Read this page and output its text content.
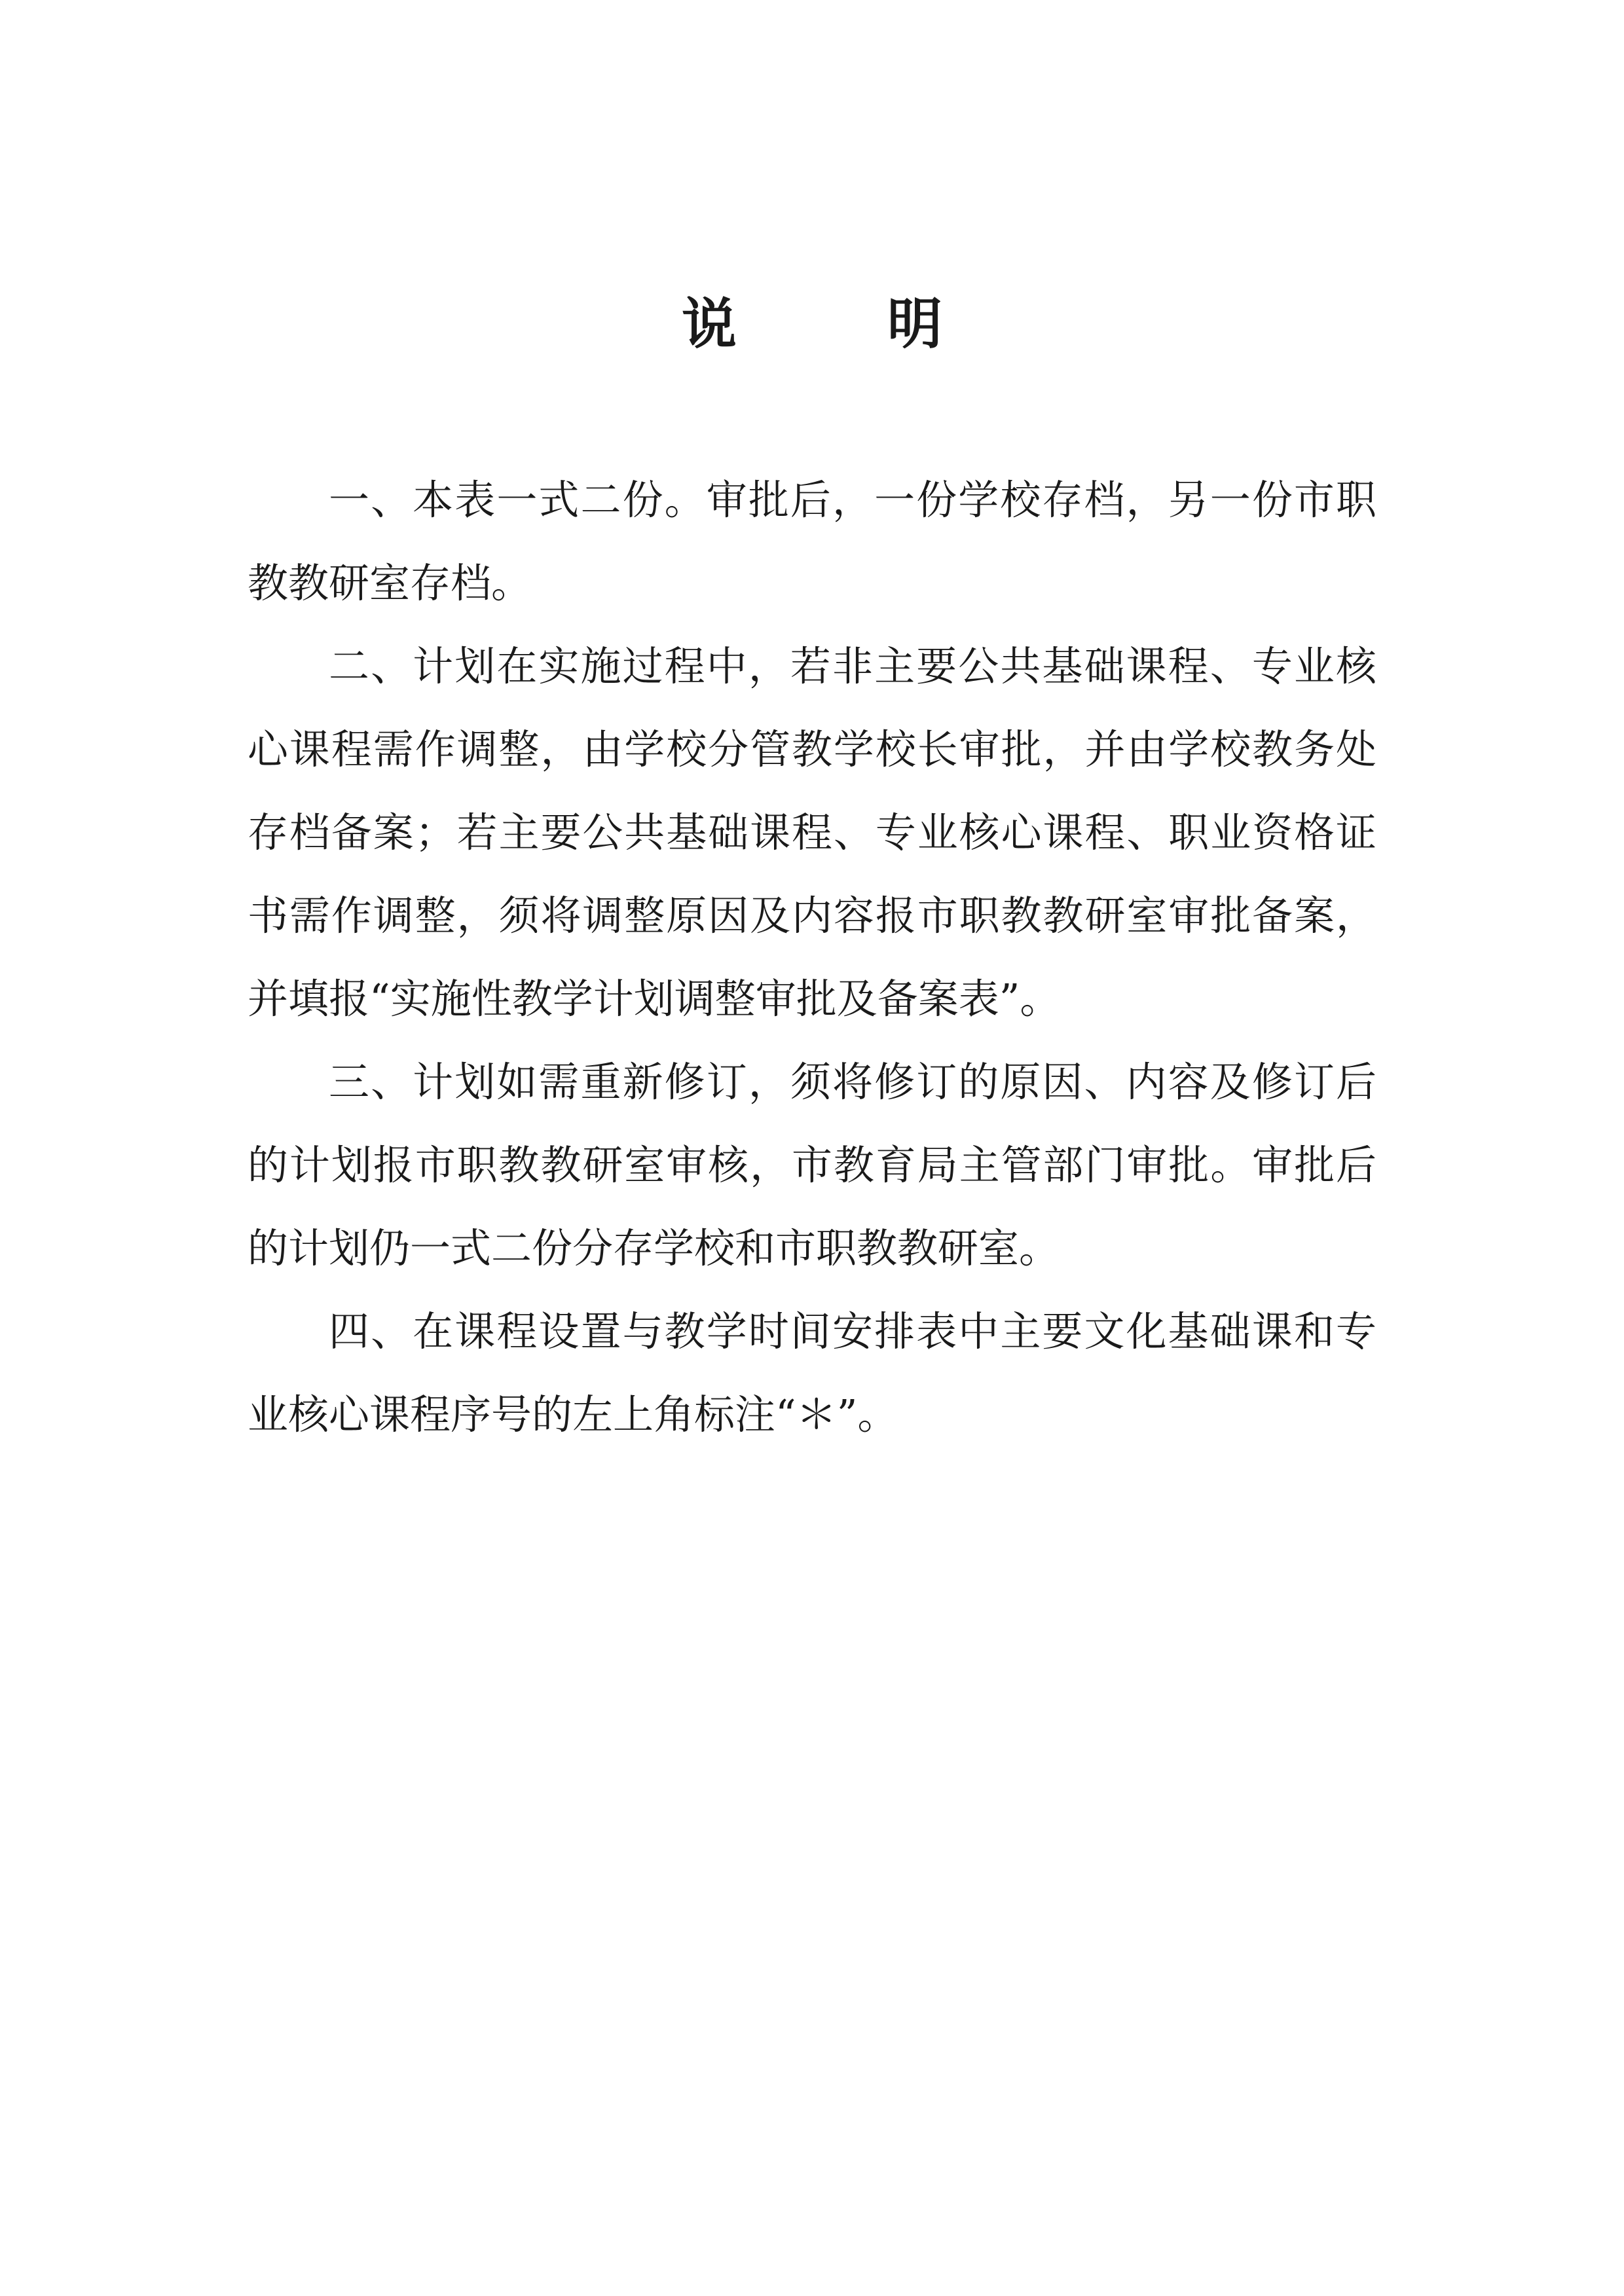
说	明

一、本表一式二份。审批后，一份学校存档，另一份市职教教研室存档。

二、计划在实施过程中，若非主要公共基础课程、专业核心课程需作调整，由学校分管教学校长审批，并由学校教务处存档备案；若主要公共基础课程、专业核心课程、职业资格证书需作调整，须将调整原因及内容报市职教教研室审批备案，并填报“实施性教学计划调整审批及备案表”。

三、计划如需重新修订，须将修订的原因、内容及修订后的计划报市职教教研室审核，市教育局主管部门审批。审批后的计划仍一式二份分存学校和市职教教研室。

四、在课程设置与教学时间安排表中主要文化基础课和专业核心课程序号的左上角标注“＊”。
